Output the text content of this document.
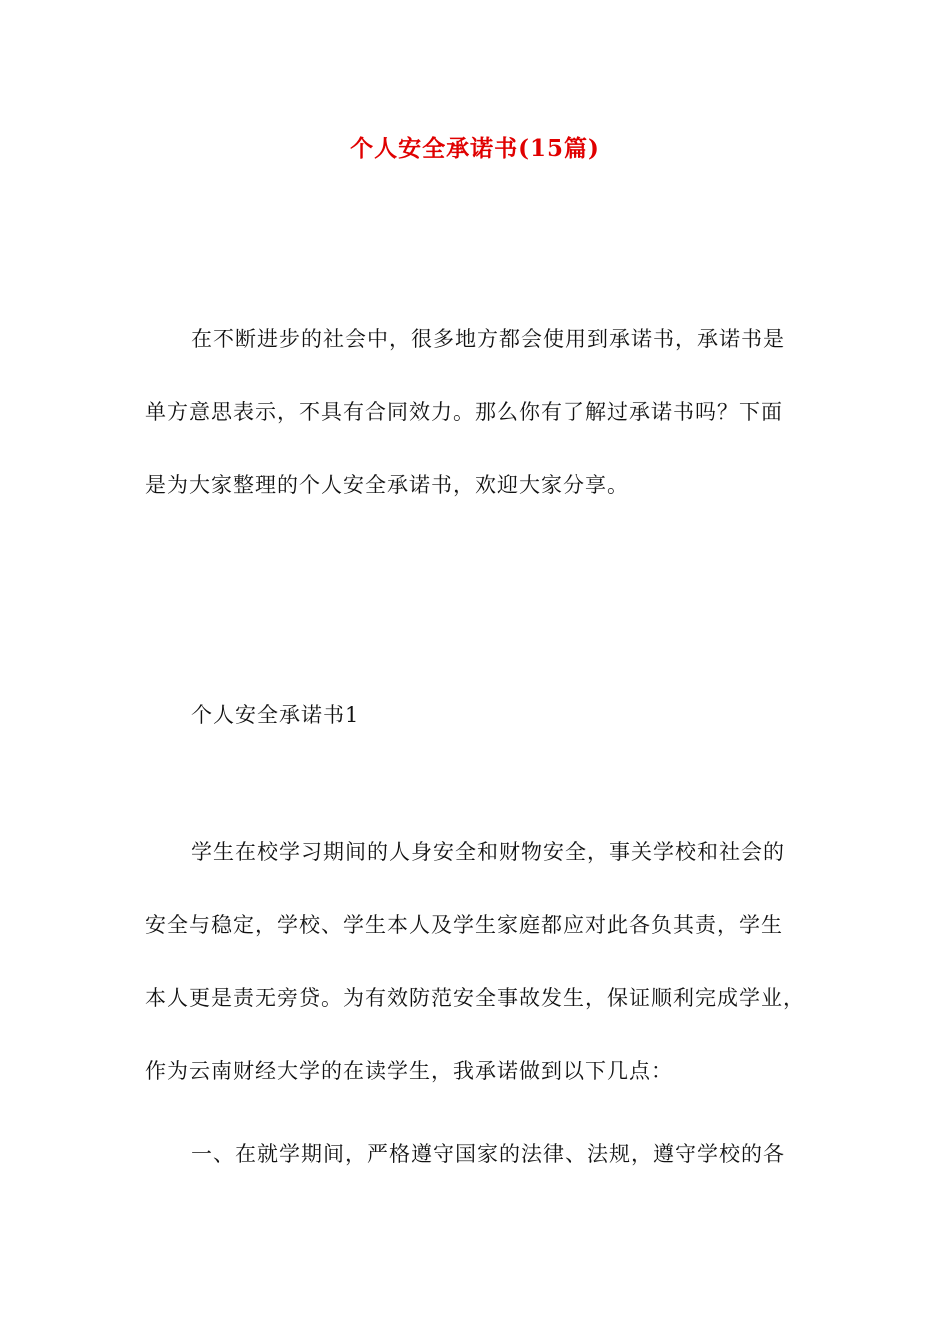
个人安全承诺书(15篇)

在不断进步的社会中，很多地方都会使用到承诺书，承诺书是
单方意思表示，不具有合同效力。那么你有了解过承诺书吗？下面
是为大家整理的个人安全承诺书，欢迎大家分享。

个人安全承诺书1

学生在校学习期间的人身安全和财物安全，事关学校和社会的
安全与稳定，学校、学生本人及学生家庭都应对此各负其责，学生
本人更是责无旁贷。为有效防范安全事故发生，保证顺利完成学业，
作为云南财经大学的在读学生，我承诺做到以下几点：

一、在就学期间，严格遵守国家的法律、法规，遵守学校的各
